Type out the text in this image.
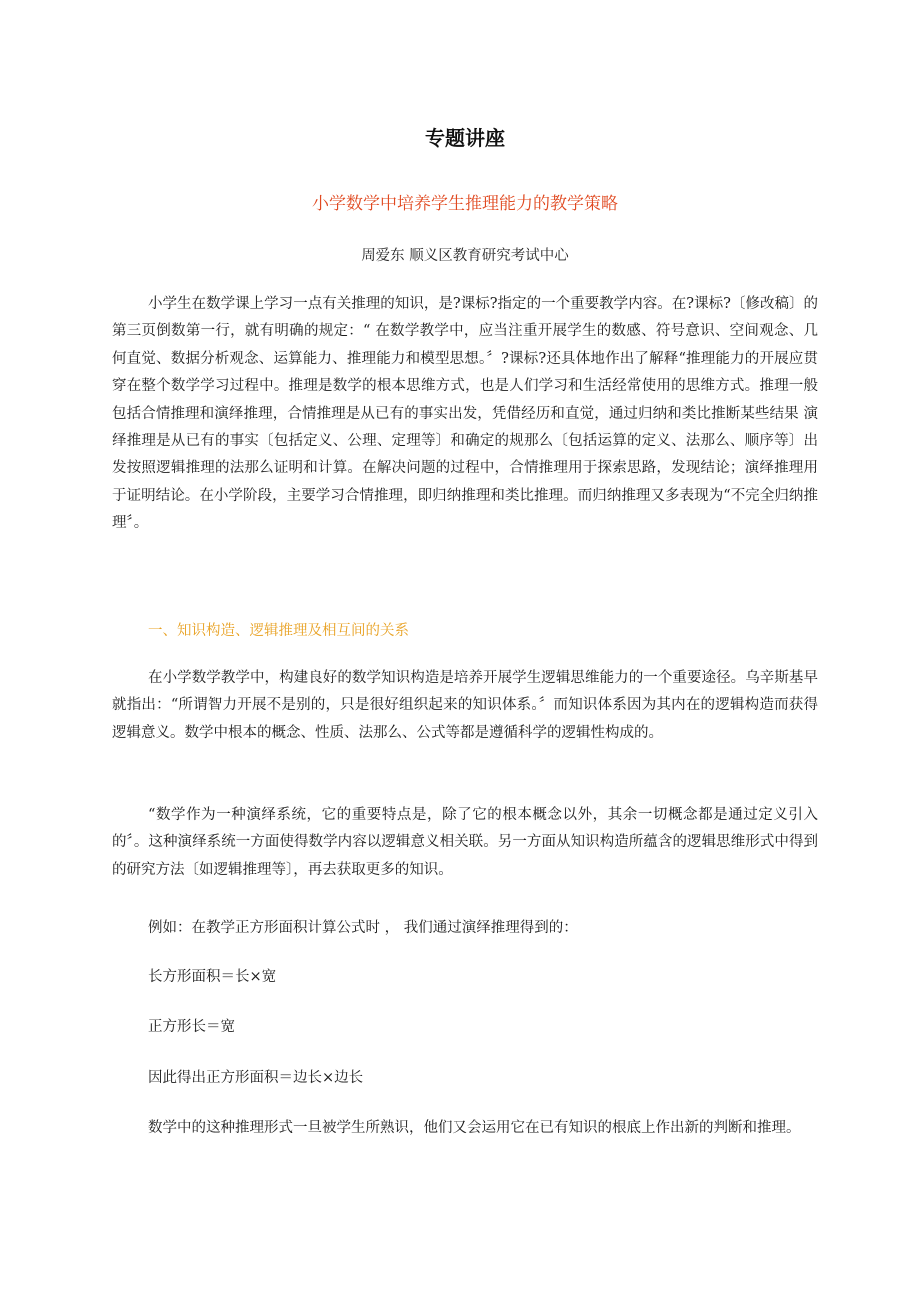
专题讲座
小学数学中培养学生推理能力的教学策略
周爱东 顺义区教育研究考试中心

小学生在数学课上学习一点有关推理的知识，是?课标?指定的一个重要教学内容。在?课标?〔修改稿〕的第三页倒数第一行，就有明确的规定：“ 在数学教学中，应当注重开展学生的数感、符号意识、空间观念、几何直觉、数据分析观念、运算能力、推理能力和模型思想。〞?课标?还具体地作出了解释“推理能力的开展应贯穿在整个数学学习过程中。推理是数学的根本思维方式，也是人们学习和生活经常使用的思维方式。推理一般包括合情推理和演绎推理，合情推理是从已有的事实出发，凭借经历和直觉，通过归纳和类比推断某些结果 演绎推理是从已有的事实〔包括定义、公理、定理等〕和确定的规那么〔包括运算的定义、法那么、顺序等〕出发按照逻辑推理的法那么证明和计算。在解决问题的过程中，合情推理用于探索思路，发现结论；演绎推理用于证明结论。在小学阶段，主要学习合情推理，即归纳推理和类比推理。而归纳推理又多表现为“不完全归纳推理〞。

一、知识构造、逻辑推理及相互间的关系

在小学数学教学中，构建良好的数学知识构造是培养开展学生逻辑思维能力的一个重要途径。乌辛斯基早就指出：“所谓智力开展不是别的，只是很好组织起来的知识体系。〞而知识体系因为其内在的逻辑构造而获得逻辑意义。数学中根本的概念、性质、法那么、公式等都是遵循科学的逻辑性构成的。

“数学作为一种演绎系统，它的重要特点是，除了它的根本概念以外，其余一切概念都是通过定义引入的〞。这种演绎系统一方面使得数学内容以逻辑意义相关联。另一方面从知识构造所蕴含的逻辑思维形式中得到的研究方法〔如逻辑推理等〕，再去获取更多的知识。

例如：在教学正方形面积计算公式时 ， 我们通过演绎推理得到的：

长方形面积＝长×宽

正方形长＝宽

因此得出正方形面积＝边长×边长

数学中的这种推理形式一旦被学生所熟识，他们又会运用它在已有知识的根底上作出新的判断和推理。
